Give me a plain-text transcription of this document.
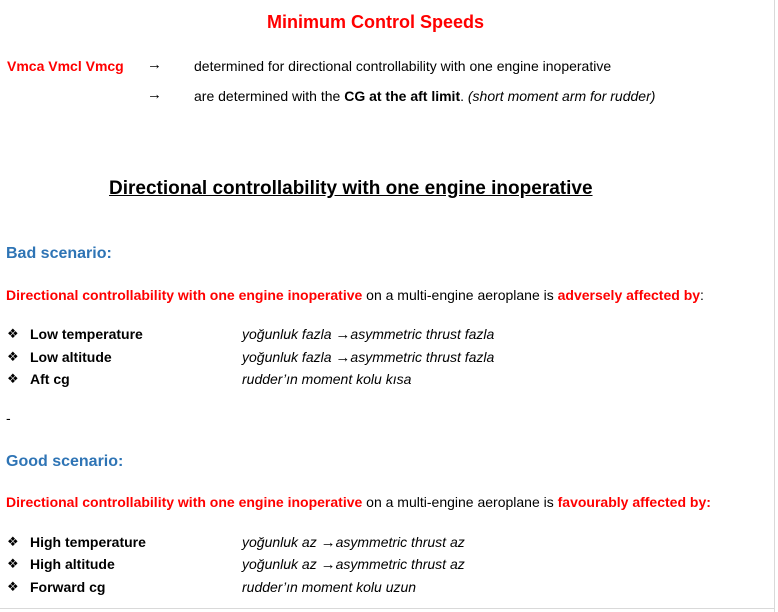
Minimum Control Speeds
Vmca Vmcl Vmcg → determined for directional controllability with one engine inoperative
→ are determined with the CG at the aft limit. (short moment arm for rudder)
Directional controllability with one engine inoperative
Bad scenario:
Directional controllability with one engine inoperative on a multi-engine aeroplane is adversely affected by:
❖ Low temperature	yoğunluk fazla →asymmetric thrust fazla
❖ Low altitude	yoğunluk fazla →asymmetric thrust fazla
❖ Aft cg	rudder’ın moment kolu kısa
-
Good scenario:
Directional controllability with one engine inoperative on a multi-engine aeroplane is favourably affected by:
❖ High temperature	yoğunluk az →asymmetric thrust az
❖ High altitude	yoğunluk az →asymmetric thrust az
❖ Forward cg	rudder’ın moment kolu uzun
